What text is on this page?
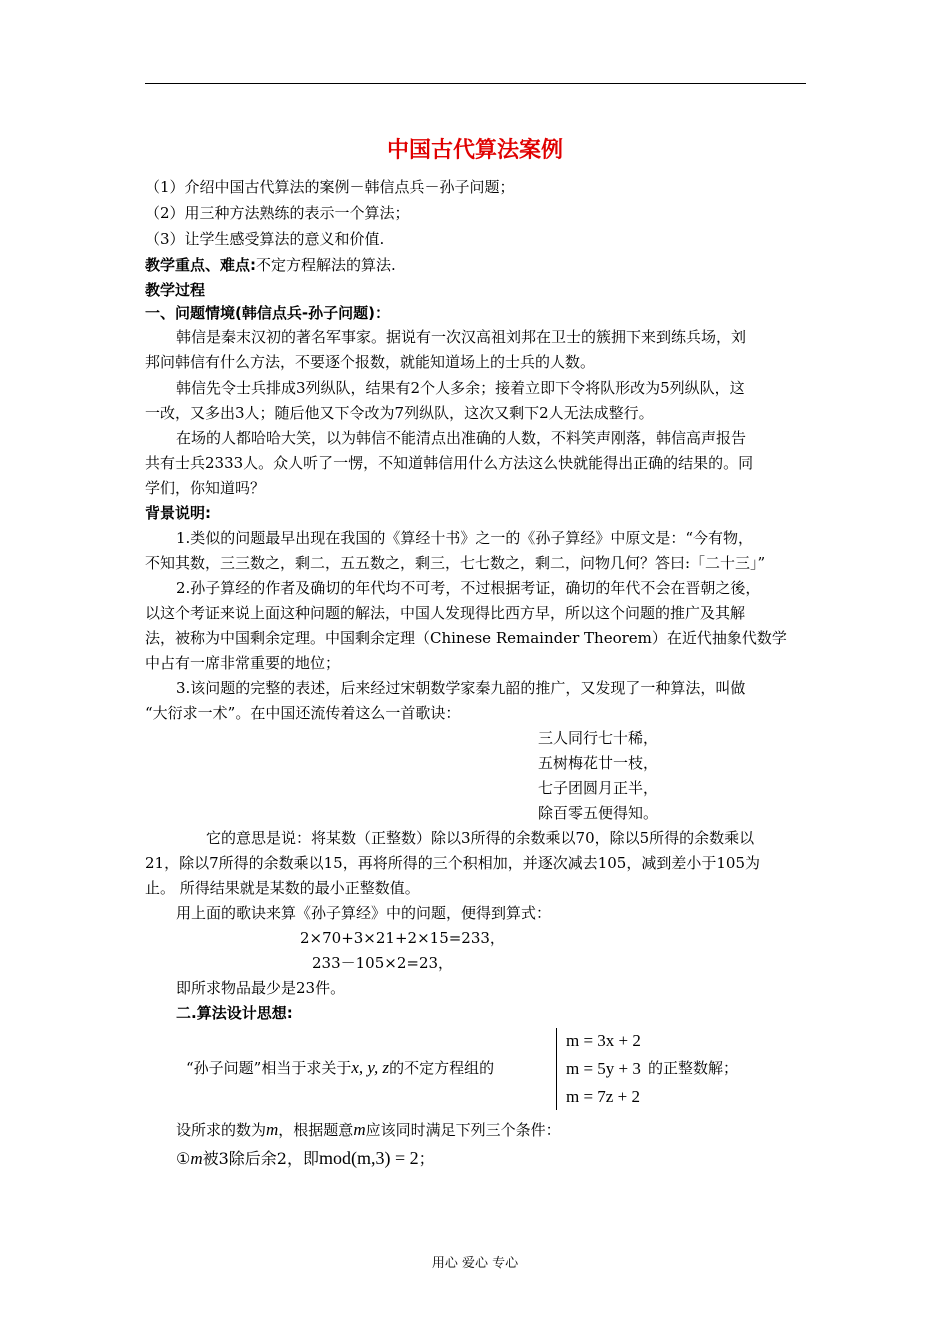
中国古代算法案例
（1）介绍中国古代算法的案例－韩信点兵－孙子问题；
（2）用三种方法熟练的表示一个算法；
（3）让学生感受算法的意义和价值.
教学重点、难点:不定方程解法的算法.
教学过程
一、问题情境(韩信点兵-孙子问题)：
韩信是秦末汉初的著名军事家。据说有一次汉高祖刘邦在卫士的簇拥下来到练兵场，刘
邦问韩信有什么方法，不要逐个报数，就能知道场上的士兵的人数。
韩信先令士兵排成3列纵队，结果有2个人多余；接着立即下令将队形改为5列纵队，这
一改，又多出3人；随后他又下令改为7列纵队，这次又剩下2人无法成整行。
在场的人都哈哈大笑，以为韩信不能清点出准确的人数，不料笑声刚落，韩信高声报告
共有士兵2333人。众人听了一愣，不知道韩信用什么方法这么快就能得出正确的结果的。同
学们，你知道吗？
背景说明:
1.类似的问题最早出现在我国的《算经十书》之一的《孙子算经》中原文是：“今有物，
不知其数，三三数之，剩二，五五数之，剩三，七七数之，剩二，问物几何？答曰:「二十三」”
2.孙子算经的作者及确切的年代均不可考，不过根据考证，确切的年代不会在晋朝之後，
以这个考证来说上面这种问题的解法，中国人发现得比西方早，所以这个问题的推广及其解
法，被称为中国剩余定理。中国剩余定理（Chinese Remainder Theorem）在近代抽象代数学
中占有一席非常重要的地位；
3.该问题的完整的表述，后来经过宋朝数学家秦九韶的推广，又发现了一种算法，叫做
“大衍求一术”。在中国还流传着这么一首歌诀：
三人同行七十稀，
五树梅花廿一枝，
七子团圆月正半，
除百零五便得知。
它的意思是说：将某数（正整数）除以3所得的余数乘以70，除以5所得的余数乘以
21，除以7所得的余数乘以15，再将所得的三个积相加，并逐次减去105，减到差小于105为
止。 所得结果就是某数的最小正整数值。
用上面的歌诀来算《孙子算经》中的问题，便得到算式：
2×70+3×21+2×15=233，
233－105×2=23，
即所求物品最少是23件。
二.算法设计思想:
“孙子问题”相当于求关于x, y, z的不定方程组的
m = 3x + 2
m = 5y + 3
m = 7z + 2
的正整数解；
设所求的数为m，根据题意m应该同时满足下列三个条件：
①m被3除后余2，即mod(m,3) = 2；
用心 爱心 专心
